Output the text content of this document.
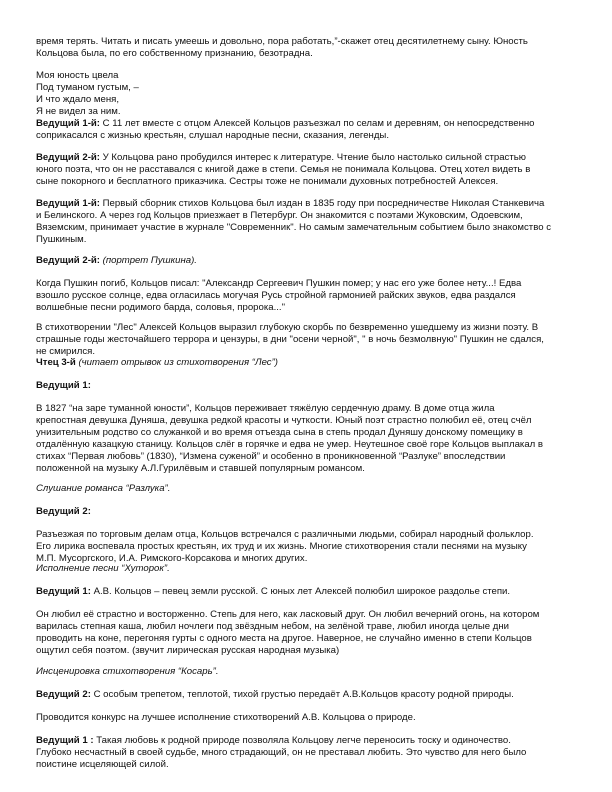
время терять. Читать и писать умеешь и довольно, пора работать,”-скажет отец десятилетнему сыну. Юность

Кольцова была, по его собственному признанию, безотрадна.

Моя юность цвела

Под туманом густым, –

И что ждало меня,

Я не видел за ним.

Ведущий 1-й: С 11 лет вместе с отцом Алексей Кольцов разъезжал по селам и деревням, он непосредственно

соприкасался с жизнью крестьян, слушал народные песни, сказания, легенды.

Ведущий 2-й: У Кольцова рано пробудился интерес к литературе. Чтение было настолько сильной страстью

юного поэта, что он не расставался с книгой даже в степи. Семья не понимала Кольцова. Отец хотел видеть в

сыне покорного и бесплатного приказчика. Сестры тоже не понимали духовных потребностей Алексея.

Ведущий 1-й: Первый сборник стихов Кольцова был издан в 1835 году при посредничестве Николая Станкевича

и Белинского. А через год Кольцов приезжает в Петербург. Он знакомится с поэтами Жуковским, Одоевским,

Вяземским, принимает участие в журнале "Современник". Но самым замечательным событием было знакомство с

Пушкиным.

Ведущий 2-й: (портрет Пушкина).

Когда Пушкин погиб, Кольцов писал: "Александр Сергеевич Пушкин помер; у нас его уже более нету...! Едва

взошло русское солнце, едва огласилась могучая Русь стройной гармонией райских звуков, едва раздался

волшебные песни родимого барда, соловья, пророка..."

В стихотворении "Лес" Алексей Кольцов выразил глубокую скорбь по безвременно ушедшему из жизни поэту. В

страшные годы жесточайшего террора и цензуры, в дни "осени черной", " в ночь безмолвную" Пушкин не сдался,

не смирился.

Чтец 3-й (читает отрывок из стихотворения “Лес”)

Ведущий 1:

В 1827 “на заре туманной юности”, Кольцов переживает тяжёлую сердечную драму. В доме отца жила

крепостная девушка Дуняша, девушка редкой красоты и чуткости. Юный поэт страстно полюбил её, отец счёл

унизительным родство со служанкой и во время отъезда сына в степь продал Дуняшу донскому помещику в

отдалённую казацкую станицу. Кольцов слёг в горячке и едва не умер. Неутешное своё горе Кольцов выплакал в

стихах “Первая любовь” (1830), “Измена суженой” и особенно в проникновенной “Разлуке” впоследствии

положенной на музыку А.Л.Гурилёвым и ставшей популярным романсом.

Слушание романса “Разлука”.

Ведущий 2:

Разъезжая по торговым делам отца, Кольцов встречался с различными людьми, собирал народный фольклор.

Его лирика воспевала простых крестьян, их труд и их жизнь. Многие стихотворения стали песнями на музыку

М.П. Мусоргского, И.А. Римского-Корсакова и многих других.

Исполнение песни “Хуторок”.

Ведущий 1: А.В. Кольцов – певец земли русской. С юных лет Алексей полюбил широкое раздолье степи.

Он любил её страстно и восторженно. Степь для него, как ласковый друг. Он любил вечерний огонь, на котором

варилась степная каша, любил ночлеги под звёздным небом, на зелёной траве, любил иногда целые дни

проводить на коне, перегоняя гурты с одного места на другое. Наверное, не случайно именно в степи Кольцов

ощутил себя поэтом. (звучит лирическая русская народная музыка)

Инсценировка стихотворения “Косарь”.

Ведущий 2: С особым трепетом, теплотой, тихой грустью передаёт А.В.Кольцов красоту родной природы.

Проводится конкурс на лучшее исполнение стихотворений А.В. Кольцова о природе.

Ведущий 1 : Такая любовь к родной природе позволяла Кольцову легче переносить тоску и одиночество.

Глубоко несчастный в своей судьбе, много страдающий, он не преставал любить. Это чувство для него было

поистине исцеляющей силой.
